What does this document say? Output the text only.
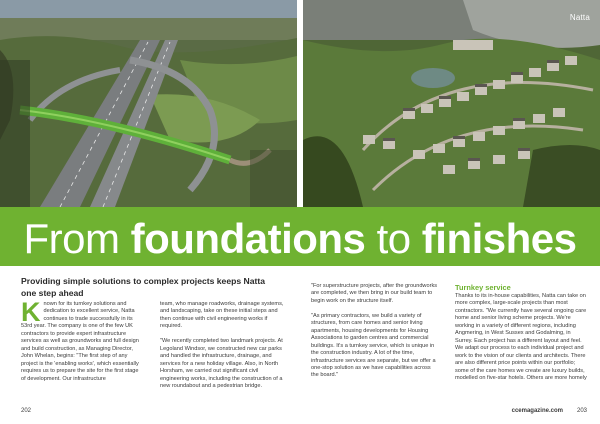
Natta
From foundations to finishes
Providing simple solutions to complex projects keeps Natta one step ahead

Known for its turnkey solutions and dedication to excellent service, Natta continues to trade successfully in its 53rd year. The company is one of the few UK contractors to provide expert infrastructure services as well as groundworks and full design and build construction, as Managing Director, John Whelan, begins: "The first step of any project is the 'enabling works', which essentially requires us to prepare the site for the first stage of development. Our infrastructure

team, who manage roadworks, drainage systems, and landscaping, take on these initial steps and then continue with civil engineering works if required.

"We recently completed two landmark projects. At Legoland Windsor, we constructed new car parks and handled the infrastructure, drainage, and services for a new holiday village. Also, in North Horsham, we carried out significant civil engineering works, including the construction of a new roundabout and a pedestrian bridge.

"For superstructure projects, after the groundworks are completed, we then bring in our build team to begin work on the structure itself.

"As primary contractors, we build a variety of structures, from care homes and senior living apartments, housing developments for Housing Associations to garden centres and commercial buildings. It's a turnkey service, which is unique in the construction industry. A lot of the time, infrastructure services are separate, but we offer a one-stop solution as we have capabilities across the board."

Turnkey service

Thanks to its in-house capabilities, Natta can take on more complex, large-scale projects than most contractors. "We currently have several ongoing care home and senior living scheme projects. We're working in a variety of different regions, including Angmering, in West Sussex and Godalming, in Surrey. Each project has a different layout and feel. We adapt our process to each individual project and work to the vision of our clients and architects. There are also different price points within our portfolio; some of the care homes we create are luxury builds, modelled on five-star hotels. Others are more homely

202	ccemagazine.com 203
